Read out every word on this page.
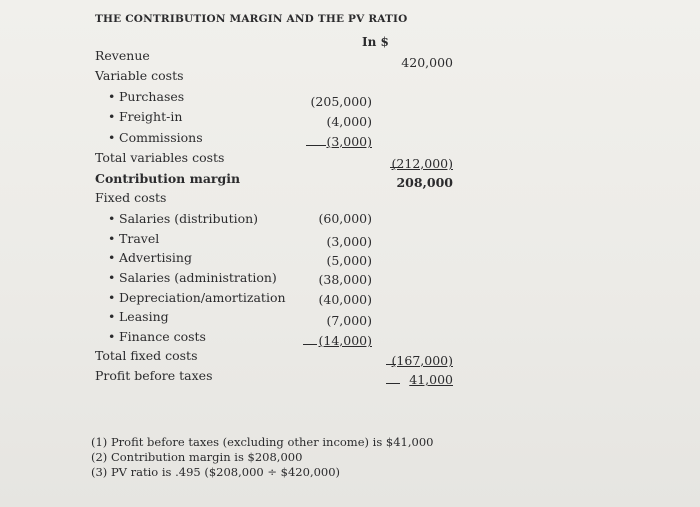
THE CONTRIBUTION MARGIN AND THE PV RATIO
In $
Revenue	420,000
Variable costs
• Purchases	(205,000)
• Freight-in	(4,000)
• Commissions	(3,000)
Total variables costs	(212,000)
Contribution margin	208,000
Fixed costs
• Salaries (distribution)	(60,000)
• Travel	(3,000)
• Advertising	(5,000)
• Salaries (administration)	(38,000)
• Depreciation/amortization	(40,000)
• Leasing	(7,000)
• Finance costs	(14,000)
Total fixed costs	(167,000)
Profit before taxes	41,000
(1) Profit before taxes (excluding other income) is $41,000
(2) Contribution margin is $208,000
(3) PV ratio is .495 ($208,000 ÷ $420,000)
